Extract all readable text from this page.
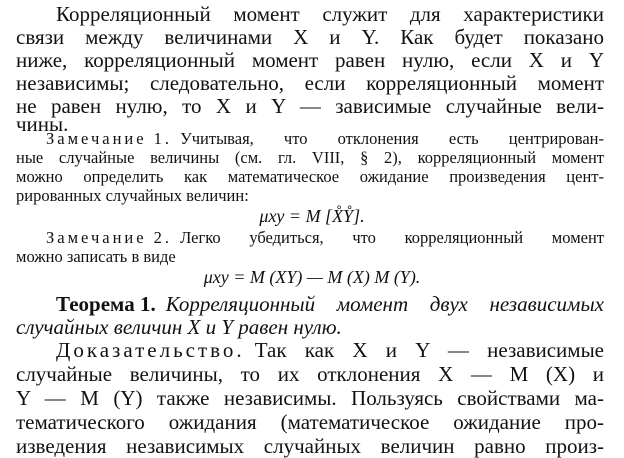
Корреляционный момент служит для характеристики
связи между величинами X и Y. Как будет показано
ниже, корреляционный момент равен нулю, если X и Y
независимы; следовательно, если корреляционный момент
не равен нулю, то X и Y — зависимые случайные вели-
чины.
Замечание 1. Учитывая, что отклонения есть центрирован-
ные случайные величины (см. гл. VIII, § 2), корреляционный момент
можно определить как математическое ожидание произведения цент-
рированных случайных величин:
μxy = M [X̊Y̊].
Замечание 2. Легко убедиться, что корреляционный момент
можно записать в виде
μxy = M (XY) — M (X) M (Y).
Теорема 1. Корреляционный момент двух независимых
случайных величин X и Y равен нулю.
Доказательство. Так как X и Y — независимые
случайные величины, то их отклонения X — M (X) и
Y — M (Y) также независимы. Пользуясь свойствами ма-
тематического ожидания (математическое ожидание про-
изведения независимых случайных величин равно произ-
